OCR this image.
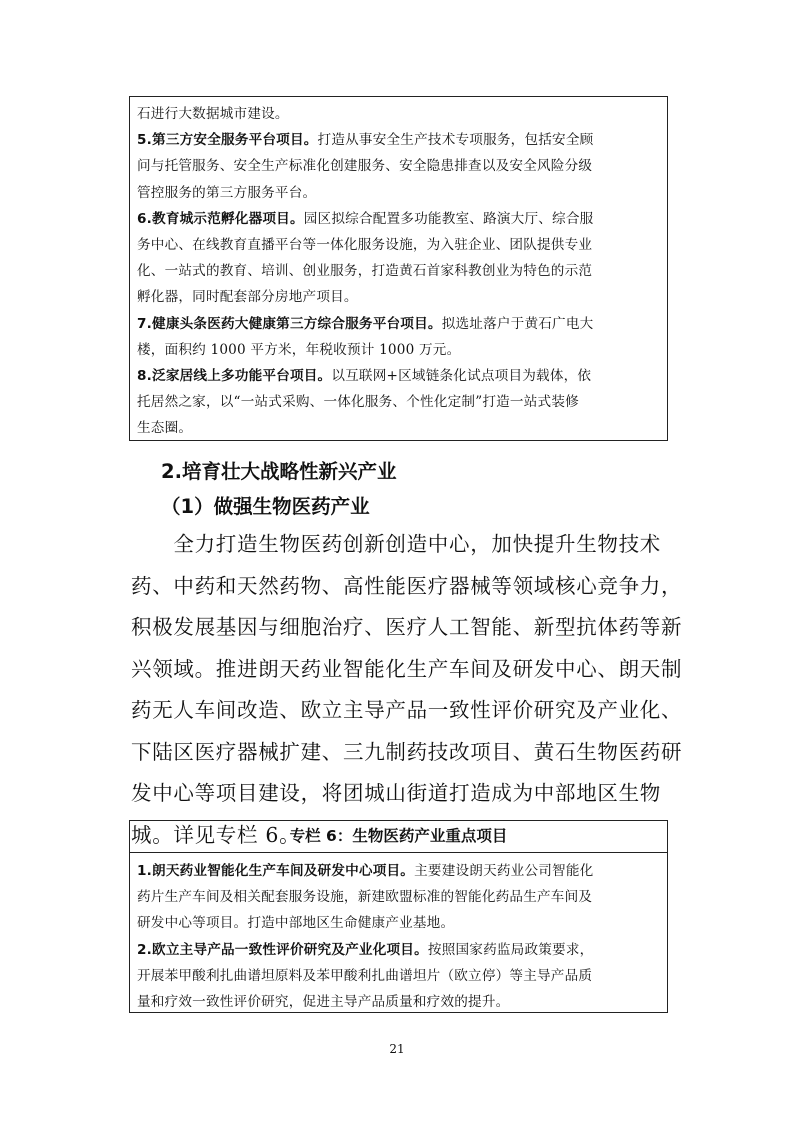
石进行大数据城市建设。
5.第三方安全服务平台项目。打造从事安全生产技术专项服务，包括安全顾
问与托管服务、安全生产标准化创建服务、安全隐患排查以及安全风险分级
管控服务的第三方服务平台。
6.教育城示范孵化器项目。园区拟综合配置多功能教室、路演大厅、综合服
务中心、在线教育直播平台等一体化服务设施，为入驻企业、团队提供专业
化、一站式的教育、培训、创业服务，打造黄石首家科教创业为特色的示范
孵化器，同时配套部分房地产项目。
7.健康头条医药大健康第三方综合服务平台项目。拟选址落户于黄石广电大
楼，面积约 1000 平方米，年税收预计 1000 万元。
8.泛家居线上多功能平台项目。以互联网+区域链条化试点项目为载体，依
托居然之家，以“一站式采购、一体化服务、个性化定制”打造一站式装修
生态圈。
2.培育壮大战略性新兴产业
（1）做强生物医药产业
　　全力打造生物医药创新创造中心，加快提升生物技术
药、中药和天然药物、高性能医疗器械等领域核心竞争力，
积极发展基因与细胞治疗、医疗人工智能、新型抗体药等新
兴领域。推进朗天药业智能化生产车间及研发中心、朗天制
药无人车间改造、欧立主导产品一致性评价研究及产业化、
下陆区医疗器械扩建、三九制药技改项目、黄石生物医药研
发中心等项目建设，将团城山街道打造成为中部地区生物
城。详见专栏 6。
专栏 6：生物医药产业重点项目
1.朗天药业智能化生产车间及研发中心项目。主要建设朗天药业公司智能化
药片生产车间及相关配套服务设施，新建欧盟标准的智能化药品生产车间及
研发中心等项目。打造中部地区生命健康产业基地。
2.欧立主导产品一致性评价研究及产业化项目。按照国家药监局政策要求，
开展苯甲酸利扎曲谱坦原料及苯甲酸利扎曲谱坦片（欧立停）等主导产品质
量和疗效一致性评价研究，促进主导产品质量和疗效的提升。
21
